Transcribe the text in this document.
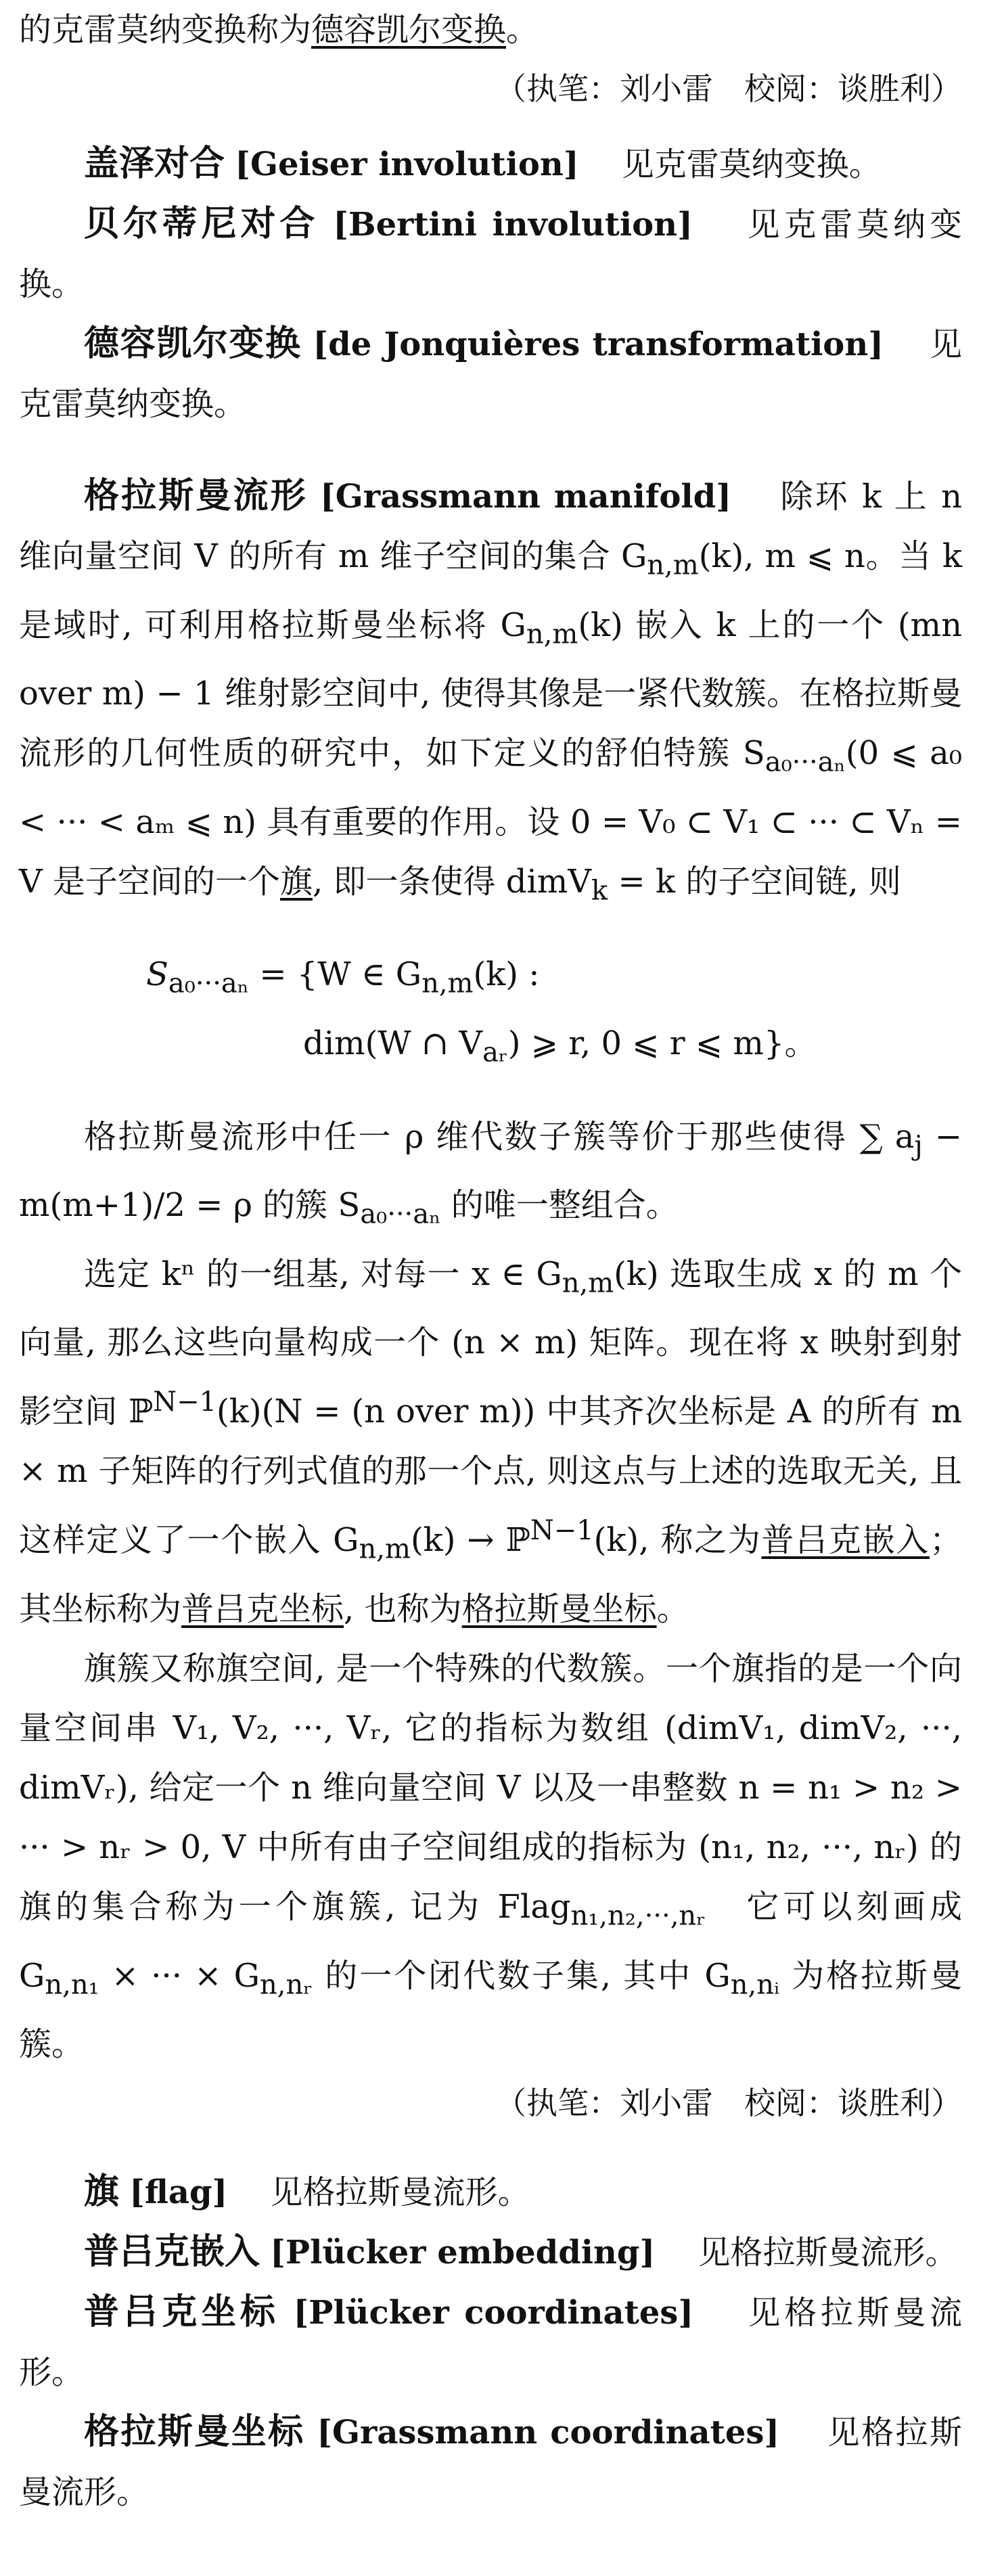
的克雷莫纳变换称为德容凯尔变换。

（执笔：刘小雷　校阅：谈胜利）

盖泽对合 [Geiser involution]　 见克雷莫纳变换。

贝尔蒂尼对合 [Bertini involution]　 见克雷莫纳变换。

德容凯尔变换 [de Jonquières transformation]　 见克雷莫纳变换。

格拉斯曼流形 [Grassmann manifold]　 除环 k 上 n 维向量空间 V 的所有 m 维子空间的集合 $G_{n,m}(k)$, m ⩽ n。当 k 是域时, 可利用格拉斯曼坐标将 $G_{n,m}(k)$ 嵌入 k 上的一个 (mn over m) − 1 维射影空间中, 使得其像是一紧代数簇。在格拉斯曼流形的几何性质的研究中，如下定义的舒伯特簇 $S_{a_0\cdot\cdot\cdot a_n}(0$ ⩽ a₀ < ··· < aₘ ⩽ n) 具有重要的作用。设 0 = V₀ ⊂ V₁ ⊂ ··· ⊂ Vₙ = V 是子空间的一个旗, 即一条使得 dimV$_k$ = k 的子空间链, 则

$S_{a_0\cdot\cdot\cdot a_n} = \{W$ ∈ $G_{n,m}(k)$ :
dim(W ∩ $V_{aᵣ}$) ⩾ r, 0 ⩽ r ⩽ m}。

格拉斯曼流形中任一 ρ 维代数子簇等价于那些使得 ∑ $a_j - m(m+1)/2 = \rho$ 的簇 $S_{a_0\cdot\cdot\cdot a_n}$ 的唯一整组合。

选定 kⁿ 的一组基, 对每一 x ∈ $G_{n,m}(k)$ 选取生成 x 的 m 个向量, 那么这些向量构成一个 (n × m) 矩阵。现在将 x 映射到射影空间 ℙ$^{N-1}$(k)(N = (n over m)) 中其齐次坐标是 A 的所有 m × m 子矩阵的行列式值的那一个点, 则这点与上述的选取无关, 且这样定义了一个嵌入 $G_{n,m}(k)$ → ℙ$^{N-1}$(k), 称之为普吕克嵌入；其坐标称为普吕克坐标, 也称为格拉斯曼坐标。

旗簇又称旗空间, 是一个特殊的代数簇。一个旗指的是一个向量空间串 V₁, V₂, ···, Vᵣ, 它的指标为数组 (dimV₁, dimV₂, ···, dimVᵣ), 给定一个 n 维向量空间 V 以及一串整数 n = n₁ > n₂ > ··· > nᵣ > 0, V 中所有由子空间组成的指标为 (n₁, n₂, ···, nᵣ) 的旗的集合称为一个旗簇, 记为 Flag$_{n_1,n_2,\cdot\cdot\cdot,nᵣ}$　 它可以刻画成 $G_{n,n_1}$ × ··· × $G_{n,nᵣ}$ 的一个闭代数子集, 其中 $G_{n,nᵢ}$ 为格拉斯曼簇。

（执笔：刘小雷　校阅：谈胜利）

旗 [flag]　 见格拉斯曼流形。

普吕克嵌入 [Plücker embedding]　 见格拉斯曼流形。

普吕克坐标 [Plücker coordinates]　 见格拉斯曼流形。

格拉斯曼坐标 [Grassmann coordinates]　 见格拉斯曼流形。
